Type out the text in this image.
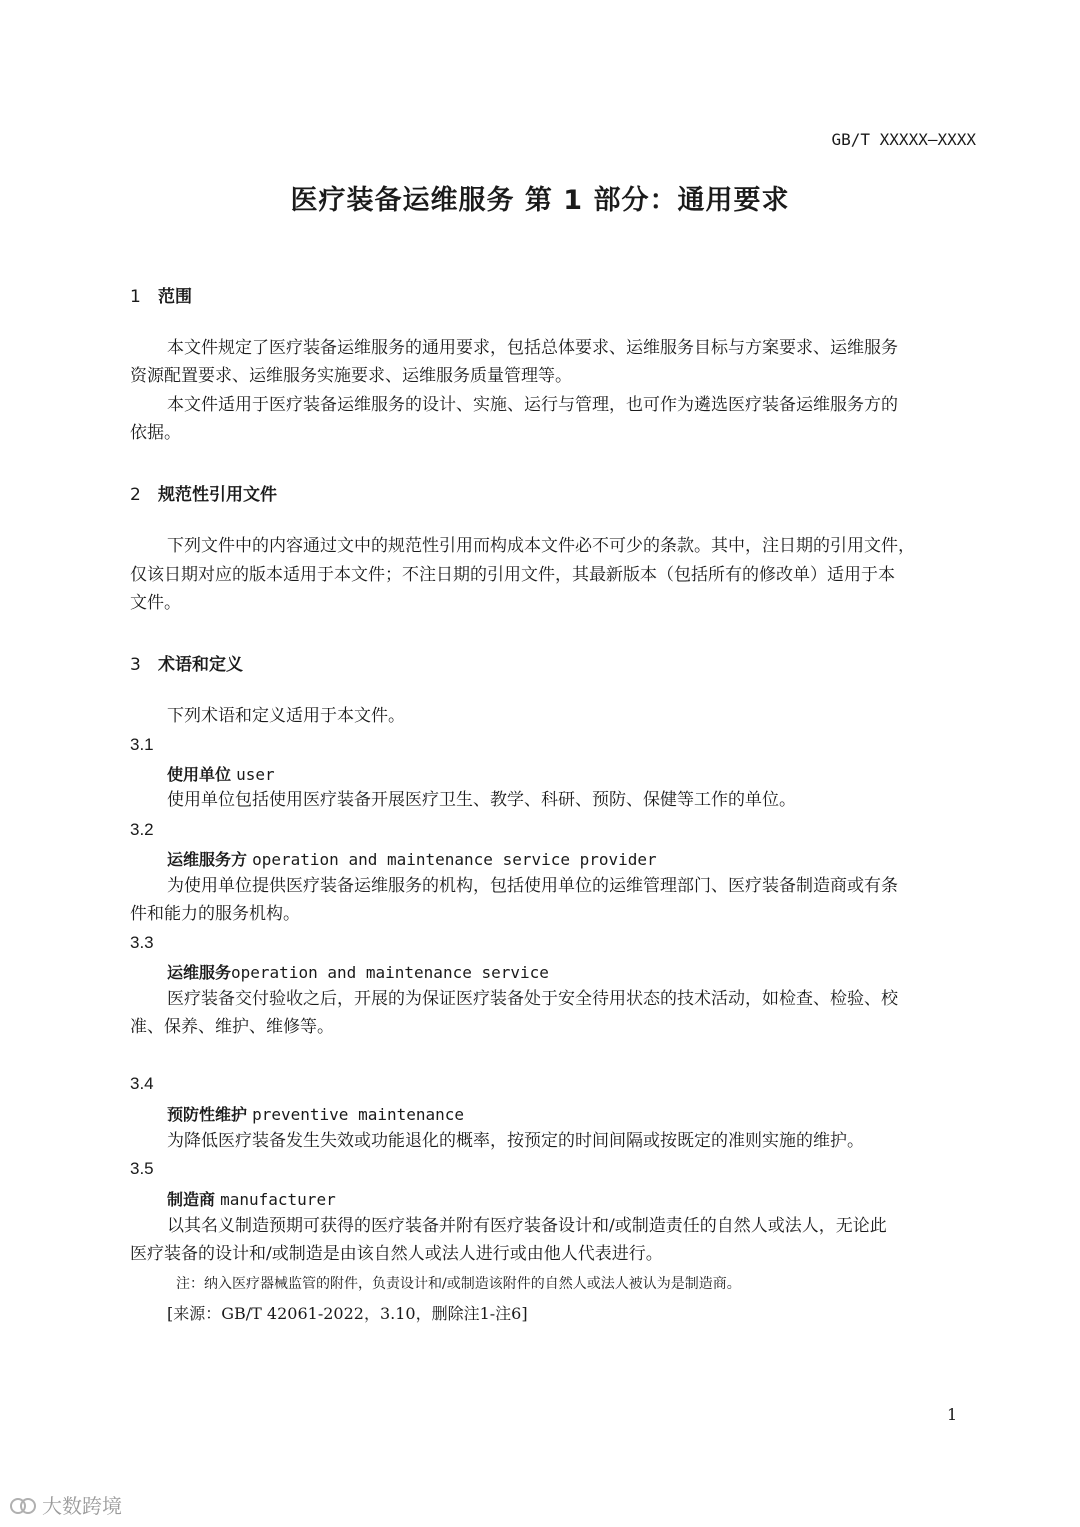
GB/T XXXXX—XXXX
医疗装备运维服务 第 1 部分：通用要求
1 范围
本文件规定了医疗装备运维服务的通用要求，包括总体要求、运维服务目标与方案要求、运维服务
资源配置要求、运维服务实施要求、运维服务质量管理等。
本文件适用于医疗装备运维服务的设计、实施、运行与管理，也可作为遴选医疗装备运维服务方的
依据。
2 规范性引用文件
下列文件中的内容通过文中的规范性引用而构成本文件必不可少的条款。其中，注日期的引用文件，
仅该日期对应的版本适用于本文件；不注日期的引用文件，其最新版本（包括所有的修改单）适用于本
文件。
3 术语和定义
下列术语和定义适用于本文件。
3.1
使用单位 user
使用单位包括使用医疗装备开展医疗卫生、教学、科研、预防、保健等工作的单位。
3.2
运维服务方 operation and maintenance service provider
为使用单位提供医疗装备运维服务的机构，包括使用单位的运维管理部门、医疗装备制造商或有条
件和能力的服务机构。
3.3
运维服务operation and maintenance service
医疗装备交付验收之后，开展的为保证医疗装备处于安全待用状态的技术活动，如检查、检验、校
准、保养、维护、维修等。
3.4
预防性维护 preventive maintenance
为降低医疗装备发生失效或功能退化的概率，按预定的时间间隔或按既定的准则实施的维护。
3.5
制造商 manufacturer
以其名义制造预期可获得的医疗装备并附有医疗装备设计和/或制造责任的自然人或法人，无论此
医疗装备的设计和/或制造是由该自然人或法人进行或由他人代表进行。
注：纳入医疗器械监管的附件，负责设计和/或制造该附件的自然人或法人被认为是制造商。
[来源：GB/T 42061-2022，3.10，删除注1-注6]
1
大数跨境
